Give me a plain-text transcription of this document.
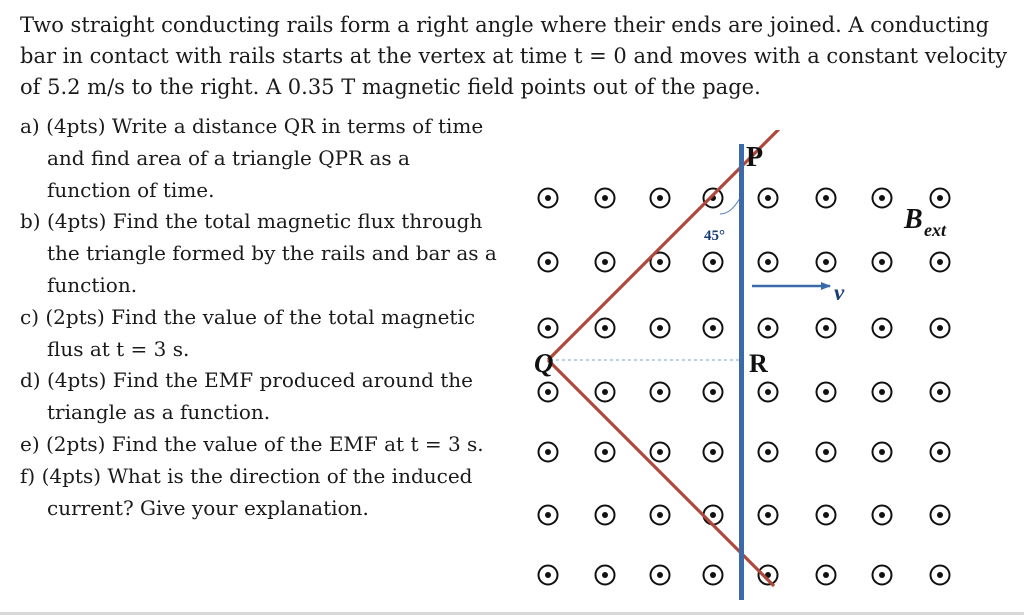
Two straight conducting rails form a right angle where their ends are joined. A conducting bar in contact with rails starts at the vertex at time t = 0 and moves with a constant velocity of 5.2 m/s to the right. A 0.35 T magnetic field points out of the page.

a) (4pts) Write a distance QR in terms of time and find area of a triangle QPR as a function of time.
b) (4pts) Find the total magnetic flux through the triangle formed by the rails and bar as a function.
c) (2pts) Find the value of the total magnetic flus at t = 3 s.
d) (4pts) Find the EMF produced around the triangle as a function.
e) (2pts) Find the value of the EMF at t = 3 s.
f) (4pts) What is the direction of the induced current? Give your explanation.
P
Q	R
45°
v
B ext
